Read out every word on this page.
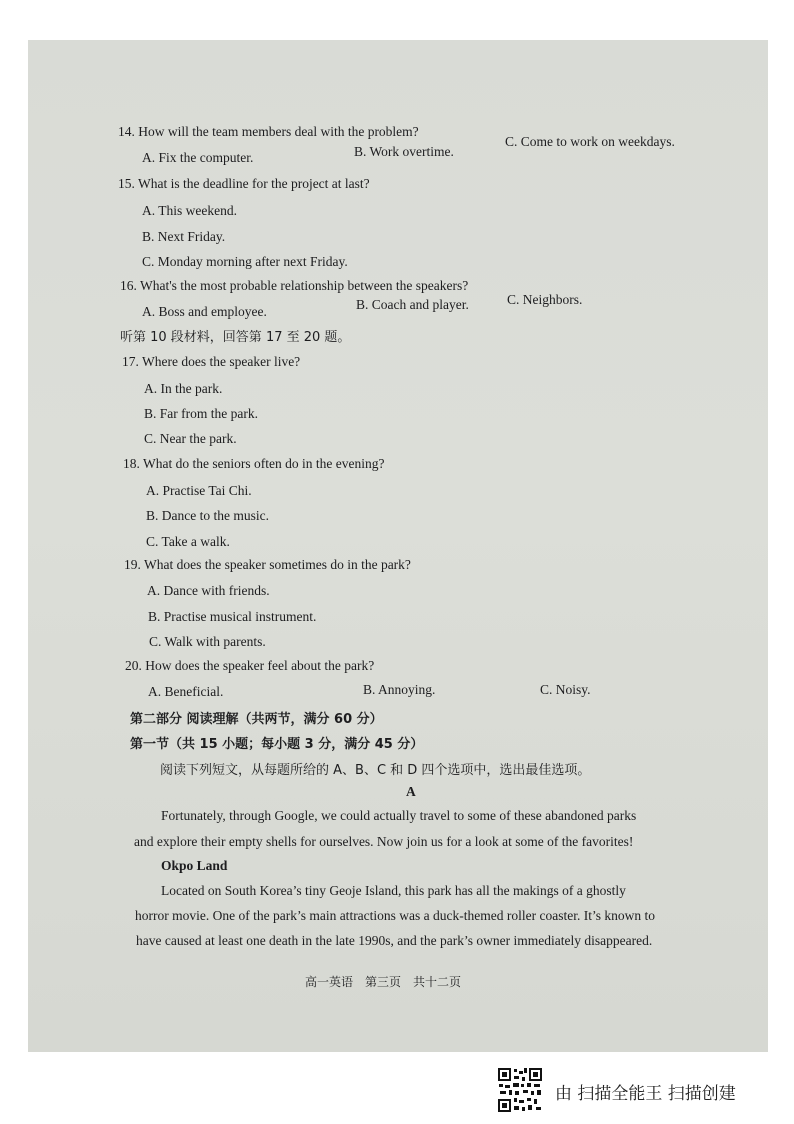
14. How will the team members deal with the problem?
A. Fix the computer.	B. Work overtime.
C. Come to work on weekdays.
15. What is the deadline for the project at last?
A. This weekend.
B. Next Friday.
C. Monday morning after next Friday.
16. What's the most probable relationship between the speakers?
A. Boss and employee.	B. Coach and player.	C. Neighbors.
听第 10 段材料，回答第 17 至 20 题。
17. Where does the speaker live?
A. In the park.
B. Far from the park.
C. Near the park.
18. What do the seniors often do in the evening?
A. Practise Tai Chi.
B. Dance to the music.
C. Take a walk.
19. What does the speaker sometimes do in the park?
A. Dance with friends.
B. Practise musical instrument.
C. Walk with parents.
20. How does the speaker feel about the park?
A. Beneficial.	B. Annoying.	C. Noisy.
第二部分 阅读理解（共两节，满分 60 分）
第一节（共 15 小题；每小题 3 分，满分 45 分）
阅读下列短文，从每题所给的 A、B、C 和 D 四个选项中，选出最佳选项。
A
Fortunately, through Google, we could actually travel to some of these abandoned parks
and explore their empty shells for ourselves. Now join us for a look at some of the favorites!
Okpo Land
Located on South Korea’s tiny Geoje Island, this park has all the makings of a ghostly
horror movie. One of the park’s main attractions was a duck-themed roller coaster. It’s known to
have caused at least one death in the late 1990s, and the park’s owner immediately disappeared.
高一英语　第三页　共十二页
由 扫描全能王 扫描创建
